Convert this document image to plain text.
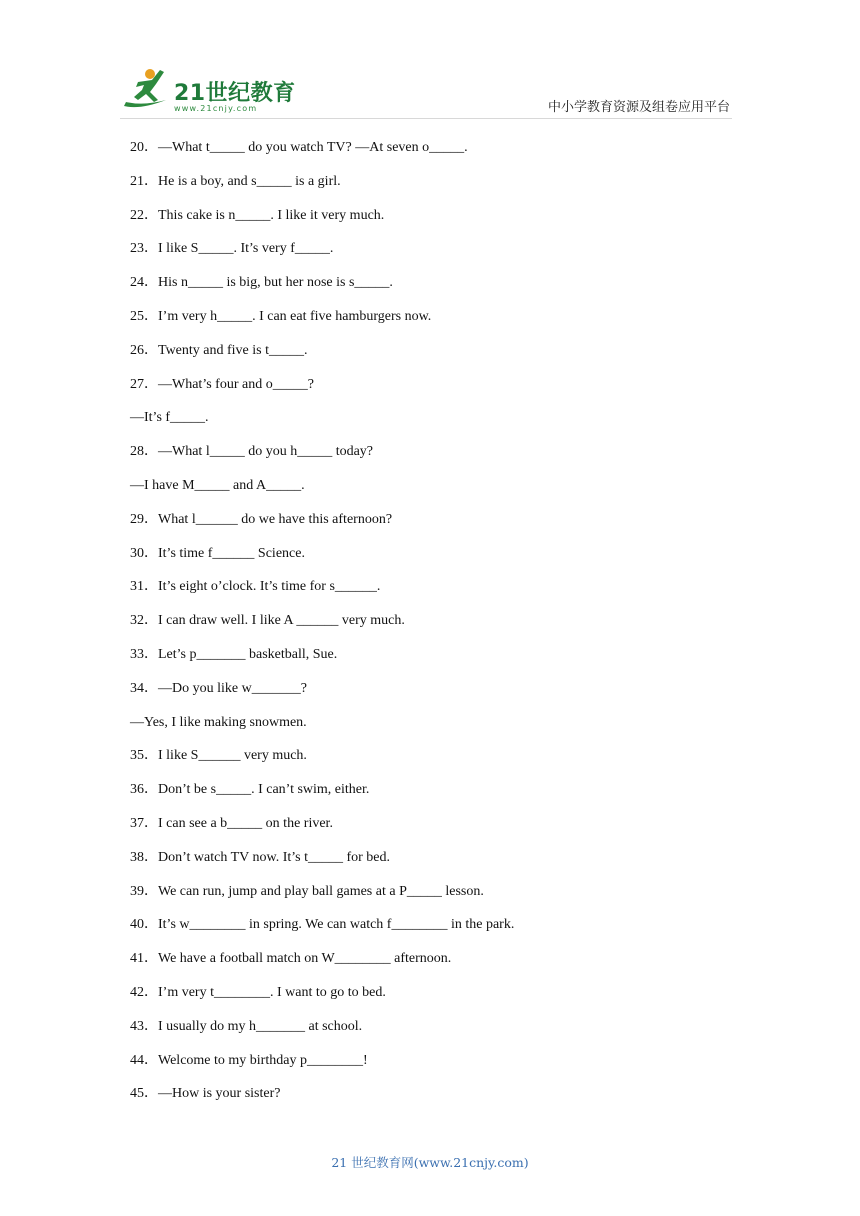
21世纪教育
www.21cnjy.com	中小学教育资源及组卷应用平台
20．—What t_____ do you watch TV? —At seven o_____.
21．He is a boy, and s_____ is a girl.
22．This cake is n_____. I like it very much.
23．I like S_____. It’s very f_____.
24．His n_____ is big, but her nose is s_____.
25．I’m very h_____. I can eat five hamburgers now.
26．Twenty and five is t_____.
27．—What’s four and o_____?
—It’s f_____.
28．—What l_____ do you h_____ today?
—I have M_____ and A_____.
29．What l______ do we have this afternoon?
30．It’s time f______ Science.
31．It’s eight o’clock. It’s time for s______.
32．I can draw well. I like A ______ very much.
33．Let’s p_______ basketball, Sue.
34．—Do you like w_______?
—Yes, I like making snowmen.
35．I like S______ very much.
36．Don’t be s_____. I can’t swim, either.
37．I can see a b_____ on the river.
38．Don’t watch TV now. It’s t_____ for bed.
39．We can run, jump and play ball games at a P_____ lesson.
40．It’s w________ in spring. We can watch f________ in the park.
41．We have a football match on W________ afternoon.
42．I’m very t________. I want to go to bed.
43．I usually do my h_______ at school.
44．Welcome to my birthday p________!
45．—How is your sister?
21 世纪教育网(www.21cnjy.com)
